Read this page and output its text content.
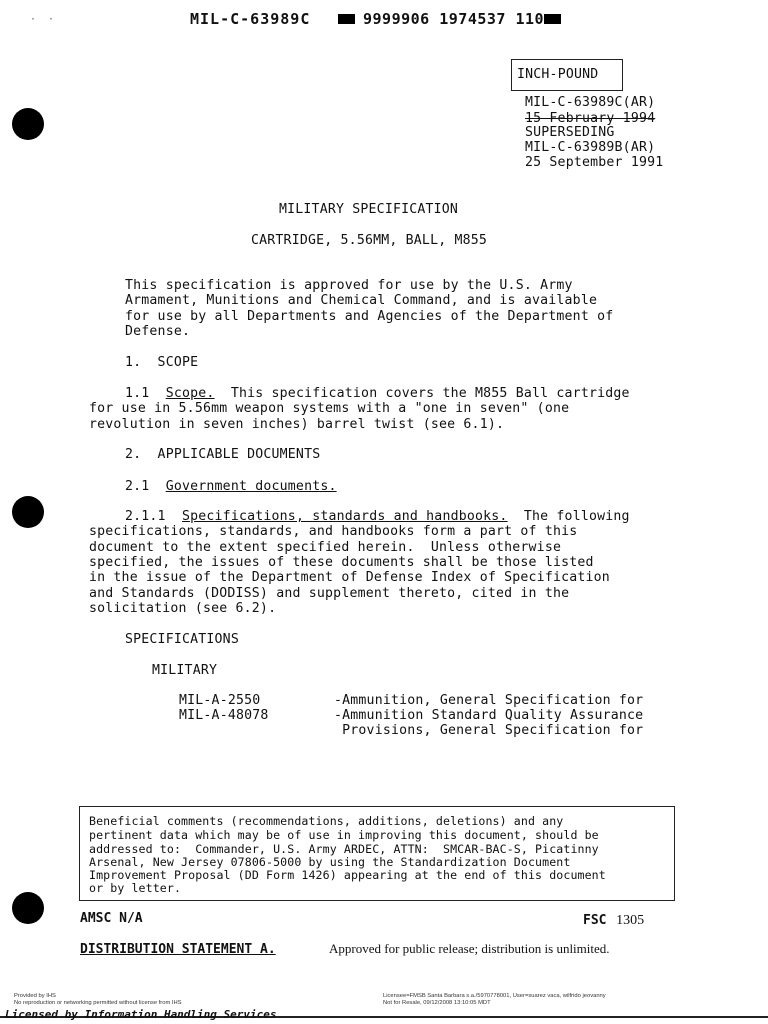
·  ·	MIL-C-63989C	9999906 1974537 110
INCH-POUND
MIL-C-63989C(AR)
15 February 1994
SUPERSEDING
MIL-C-63989B(AR)
25 September 1991
MILITARY SPECIFICATION
CARTRIDGE, 5.56MM, BALL, M855
This specification is approved for use by the U.S. Army
Armament, Munitions and Chemical Command, and is available
for use by all Departments and Agencies of the Department of
Defense.
1.  SCOPE
1.1 Scope.  This specification covers the M855 Ball cartridge
for use in 5.56mm weapon systems with a "one in seven" (one
revolution in seven inches) barrel twist (see 6.1).
2.  APPLICABLE DOCUMENTS
2.1 Government documents.
2.1.1 Specifications, standards and handbooks.  The following
specifications, standards, and handbooks form a part of this
document to the extent specified herein.  Unless otherwise
specified, the issues of these documents shall be those listed
in the issue of the Department of Defense Index of Specification
and Standards (DODISS) and supplement thereto, cited in the
solicitation (see 6.2).
SPECIFICATIONS
MILITARY
MIL-A-2550	-Ammunition, General Specification for
MIL-A-48078	-Ammunition Standard Quality Assurance
Provisions, General Specification for
Beneficial comments (recommendations, additions, deletions) and any
pertinent data which may be of use in improving this document, should be
addressed to:  Commander, U.S. Army ARDEC, ATTN:  SMCAR-BAC-S, Picatinny
Arsenal, New Jersey 07806-5000 by using the Standardization Document
Improvement Proposal (DD Form 1426) appearing at the end of this document
or by letter.
AMSC N/A	FSC 1305
DISTRIBUTION STATEMENT A.	Approved for public release; distribution is unlimited.
Provided by IHS
No reproduction or networking permitted without license from IHS
Licensee=FMSB Santa Barbara s.a./5970778001, User=suarez vaca, wilfrido jeovanny
Not for Resale, 09/12/2008 13:10:05 MDT
Licensed by Information Handling Services
